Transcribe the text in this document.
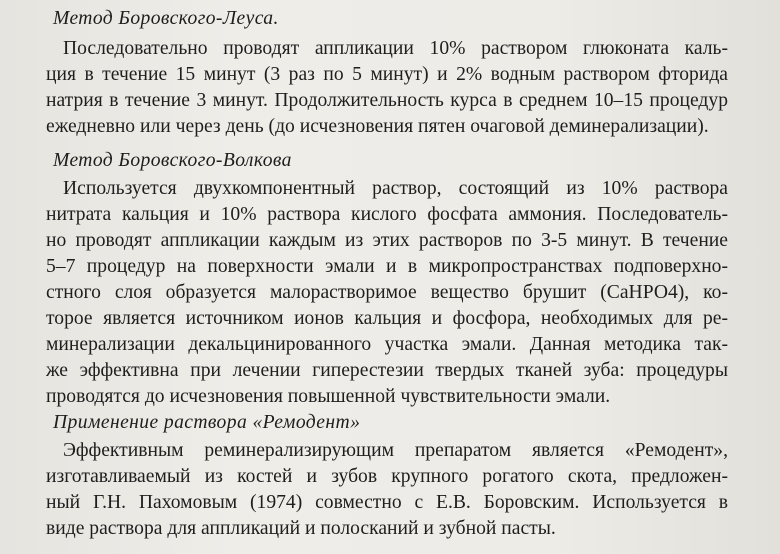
Метод Боровского-Леуса.
Последовательно проводят аппликации 10% раствором глюконата каль-
ция в течение 15 минут (3 раз по 5 минут) и 2% водным раствором фторида
натрия в течение 3 минут. Продолжительность курса в среднем 10–15 процедур
ежедневно или через день (до исчезновения пятен очаговой деминерализации).
Метод Боровского-Волкова
Используется двухкомпонентный раствор, состоящий из 10% раствора
нитрата кальция и 10% раствора кислого фосфата аммония. Последователь-
но проводят аппликации каждым из этих растворов по 3-5 минут. В течение
5–7 процедур на поверхности эмали и в микропространствах подповерхно-
стного слоя образуется малорастворимое вещество брушит (СаНРО4), ко-
торое является источником ионов кальция и фосфора, необходимых для ре-
минерализации декальцинированного участка эмали. Данная методика так-
же эффективна при лечении гиперестезии твердых тканей зуба: процедуры
проводятся до исчезновения повышенной чувствительности эмали.
Применение раствора «Ремодент»
Эффективным реминерализирующим препаратом является «Ремодент»,
изготавливаемый из костей и зубов крупного рогатого скота, предложен-
ный Г.Н. Пахомовым (1974) совместно с Е.В. Боровским. Используется в
виде раствора для аппликаций и полосканий и зубной пасты.
